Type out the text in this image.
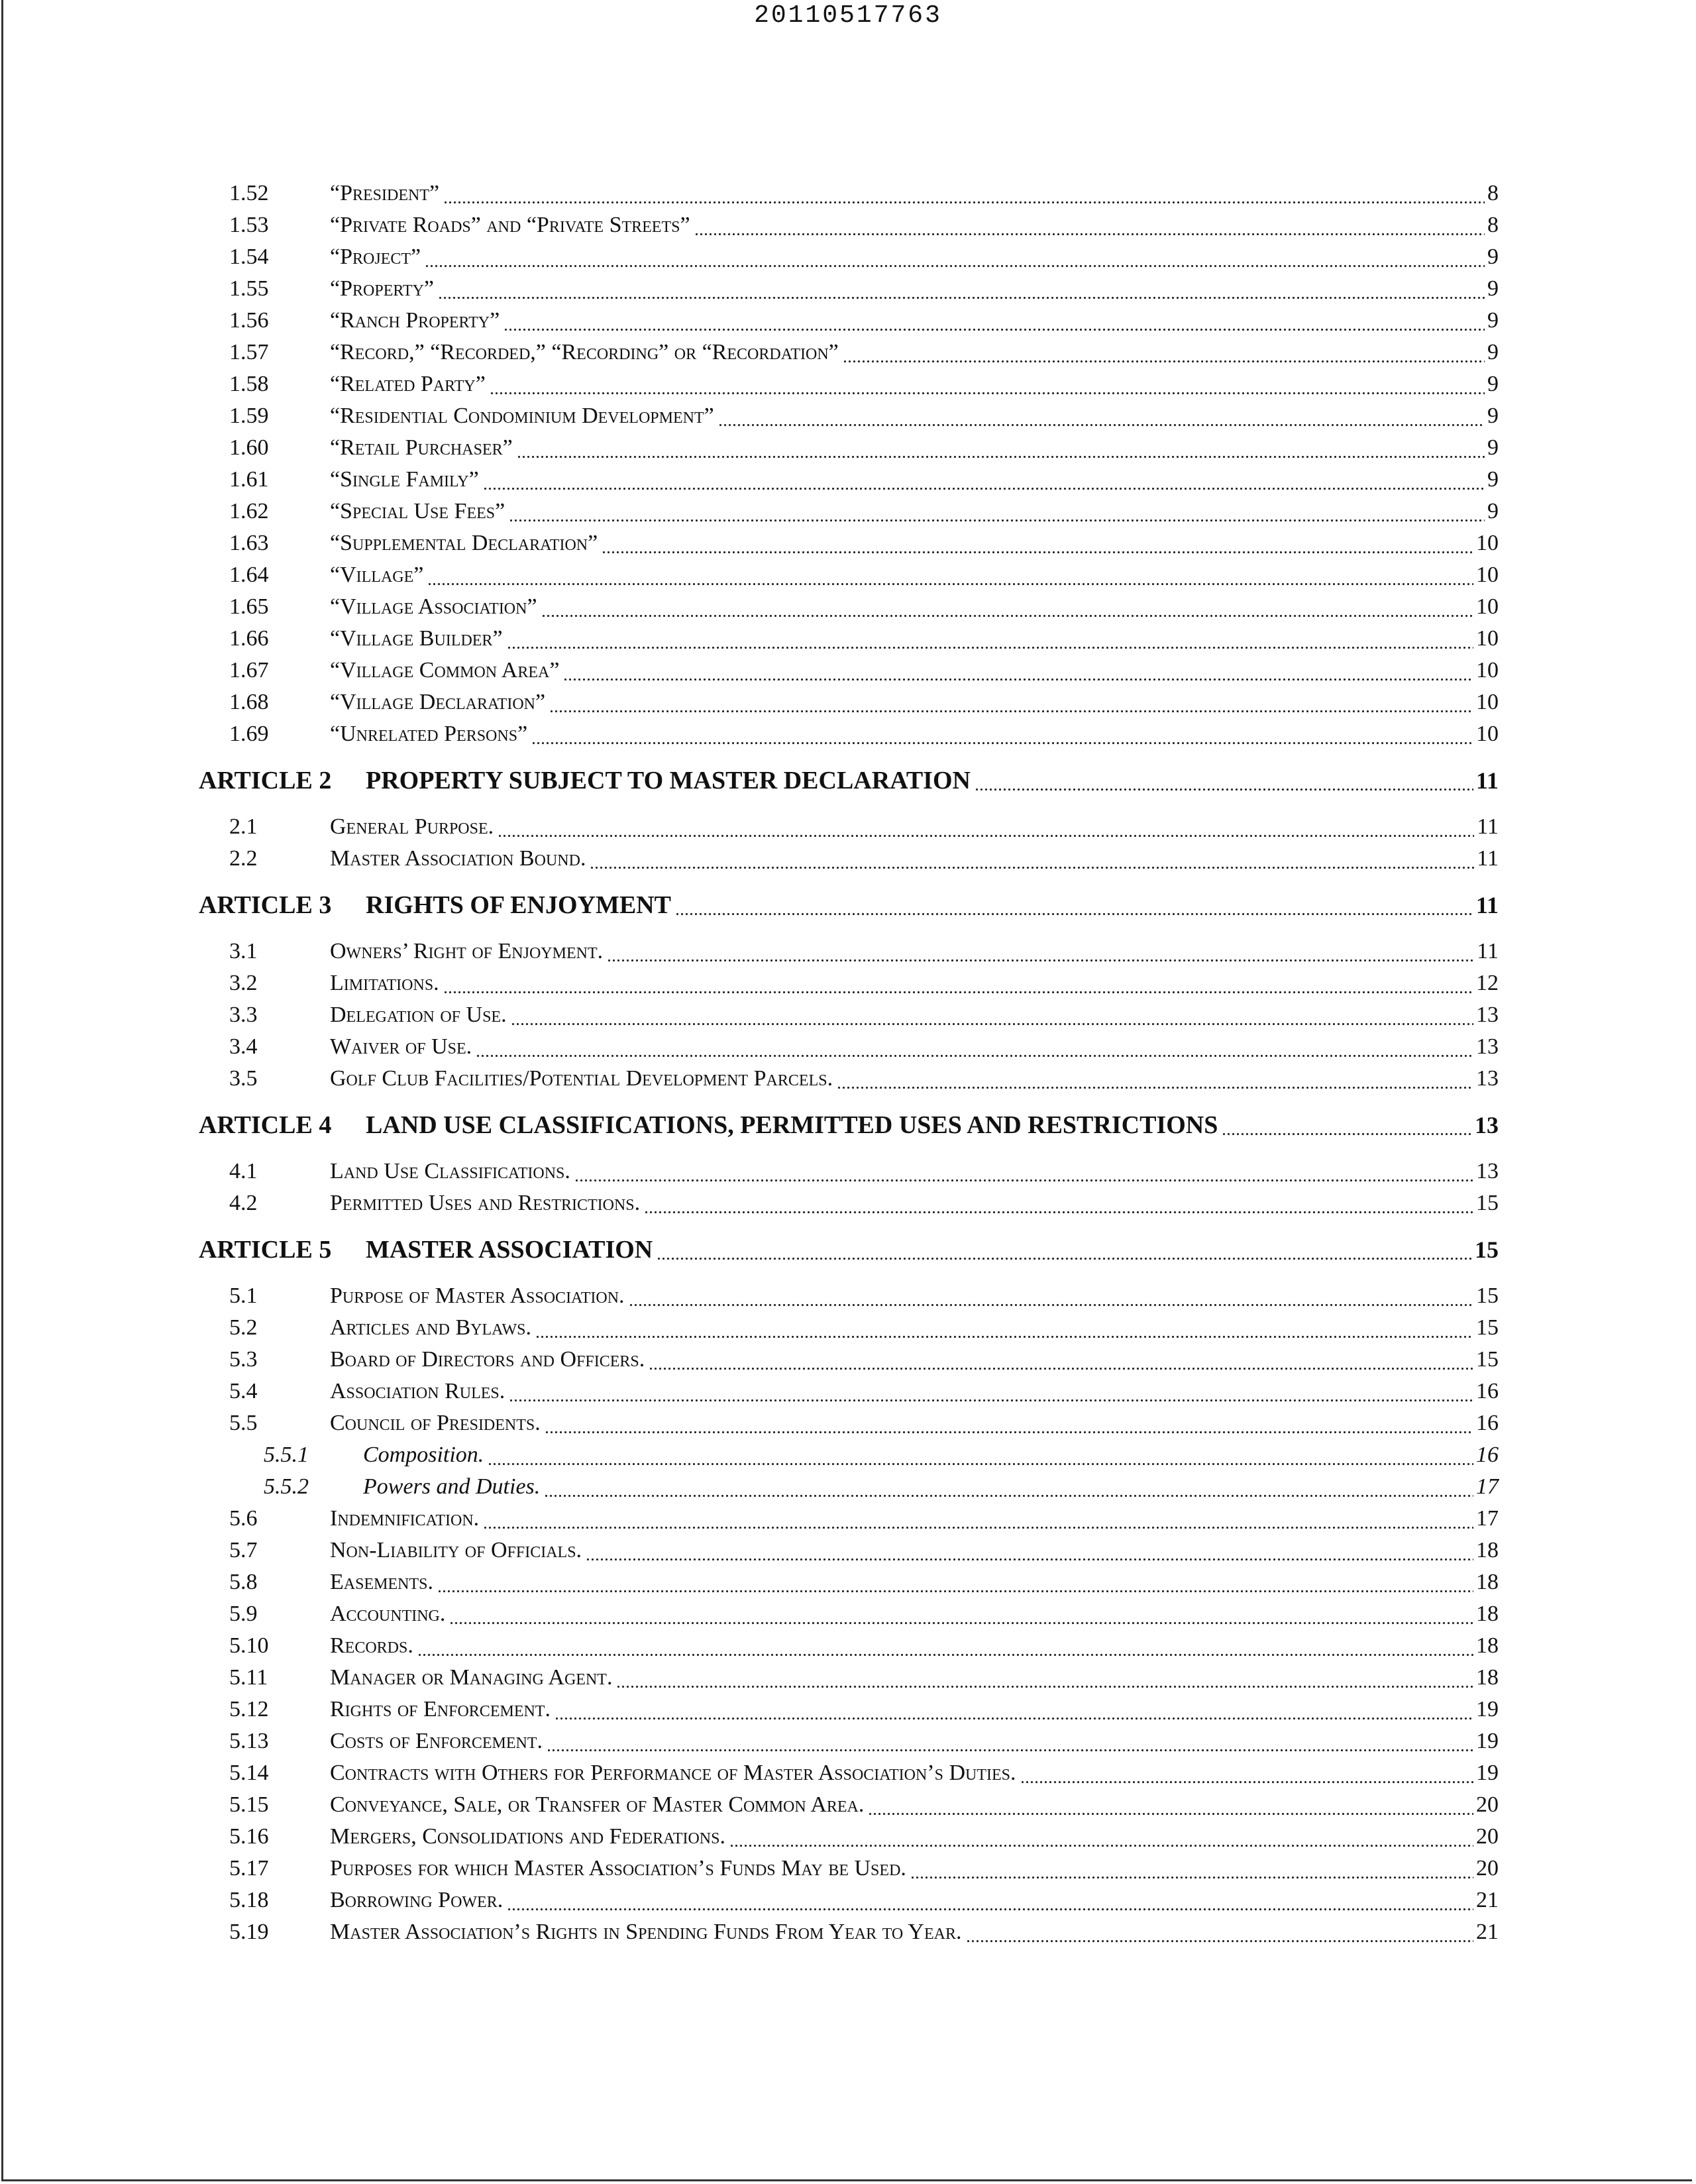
20110517763
1.52	“President”	8
1.53	“Private Roads” and “Private Streets”	8
1.54	“Project”	9
1.55	“Property”	9
1.56	“Ranch Property”	9
1.57	“Record,” “Recorded,” “Recording” or “Recordation”	9
1.58	“Related Party”	9
1.59	“Residential Condominium Development”	9
1.60	“Retail Purchaser”	9
1.61	“Single Family”	9
1.62	“Special Use Fees”	9
1.63	“Supplemental Declaration”	10
1.64	“Village”	10
1.65	“Village Association”	10
1.66	“Village Builder”	10
1.67	“Village Common Area”	10
1.68	“Village Declaration”	10
1.69	“Unrelated Persons”	10
ARTICLE 2 PROPERTY SUBJECT TO MASTER DECLARATION	11
2.1	General Purpose.	11
2.2	Master Association Bound.	11
ARTICLE 3 RIGHTS OF ENJOYMENT	11
3.1	Owners’ Right of Enjoyment.	11
3.2	Limitations.	12
3.3	Delegation of Use.	13
3.4	Waiver of Use.	13
3.5	Golf Club Facilities/Potential Development Parcels.	13
ARTICLE 4 LAND USE CLASSIFICATIONS, PERMITTED USES AND RESTRICTIONS	13
4.1	Land Use Classifications.	13
4.2	Permitted Uses and Restrictions.	15
ARTICLE 5 MASTER ASSOCIATION	15
5.1	Purpose of Master Association.	15
5.2	Articles and Bylaws.	15
5.3	Board of Directors and Officers.	15
5.4	Association Rules.	16
5.5	Council of Presidents.	16
5.5.1 Composition.	16
5.5.2 Powers and Duties.	17
5.6	Indemnification.	17
5.7	Non-Liability of Officials.	18
5.8	Easements.	18
5.9	Accounting.	18
5.10	Records.	18
5.11	Manager or Managing Agent.	18
5.12	Rights of Enforcement.	19
5.13	Costs of Enforcement.	19
5.14	Contracts with Others for Performance of Master Association’s Duties.	19
5.15	Conveyance, Sale, or Transfer of Master Common Area.	20
5.16	Mergers, Consolidations and Federations.	20
5.17	Purposes for which Master Association’s Funds May be Used.	20
5.18	Borrowing Power.	21
5.19	Master Association’s Rights in Spending Funds From Year to Year.	21
